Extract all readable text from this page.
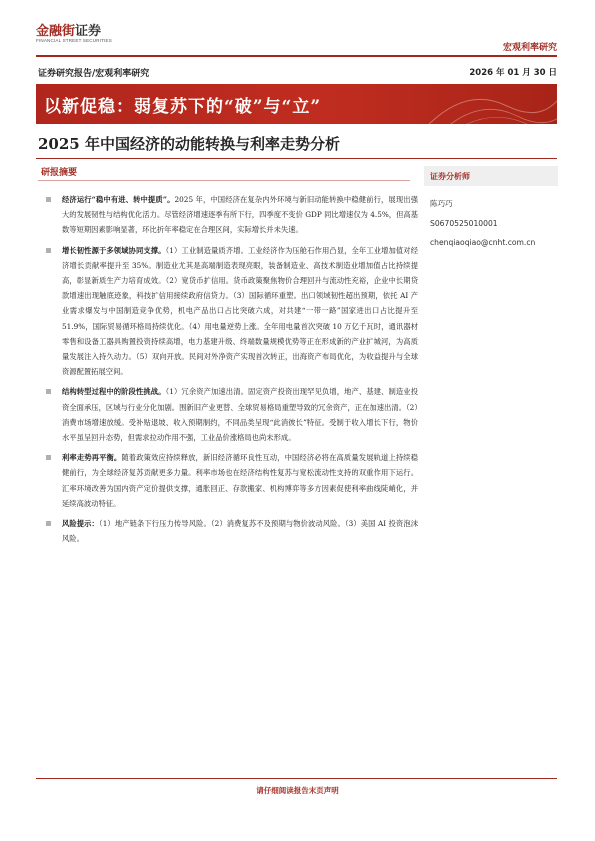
金融街证券
FINANCIAL STREET SECURITIES
宏观利率研究
证券研究报告/宏观利率研究	2026 年 01 月 30 日
以新促稳：弱复苏下的“破”与“立”
2025 年中国经济的动能转换与利率走势分析
研报摘要
经济运行“稳中有进、转中提质”。2025 年，中国经济在复杂内外环境与新旧动能转换中稳健前行，展现出强大的发展韧性与结构优化活力。尽管经济增速逐季有所下行，四季度不变价 GDP 同比增速仅为 4.5%，但高基数等短期因素影响显著，环比折年率稳定在合理区间，实际增长并未失速。
增长韧性源于多领域协同支撑。（1）工业制造量质齐增。工业经济作为压舱石作用凸显，全年工业增加值对经济增长贡献率提升至 35%。制造业尤其是高端制造表现亮眼，装备制造业、高技术制造业增加值占比持续提高，彰显新质生产力培育成效。（2）宽货币扩信用。货币政策聚焦物价合理回升与流动性充裕，企业中长期贷款增速出现触底迹象，科技扩信用接续政府信贷力。（3）国际循环重塑。出口领域韧性超出预期，依托 AI 产业需求爆发与中国制造竞争优势，机电产品出口占比突破六成，对共建“一带一路”国家进出口占比提升至 51.9%，国际贸易循环格局持续优化。（4）用电量逆势上涨。全年用电量首次突破 10 万亿千瓦时，通讯器材零售和设备工器具购置投资持续高增，电力基建升级、终端数量规模优势等正在形成新的产业扩城河，为高质量发展注入持久动力。（5）双向开放。民间对外净资产实现首次转正，出海资产布局优化，为收益提升与全球资源配置拓展空间。
结构转型过程中的阶段性挑战。（1）冗余资产加速出清。固定资产投资出现罕见负增，地产、基建、制造业投资全面承压，区域与行业分化加剧。围新旧产业更替、全球贸易格局重塑导致的冗余资产，正在加速出清。（2）消费市场增速放缓。受补贴退坡、收入预期制约，不同品类呈现“此消彼长”特征。受制于收入增长下行，物价水平虽呈回升态势，但需求拉动作用不强，工业品价涨格局也尚未形成。
利率走势再平衡。随着政策效应持续释放，新旧经济循环良性互动，中国经济必将在高质量发展轨道上持续稳健前行，为全球经济复苏贡献更多力量。利率市场也在经济结构性复苏与宽松流动性支持的双重作用下运行。汇率环境改善为国内资产定价提供支撑，通胀回正、存款搬家、机构博弈等多方因素促使利率曲线陡峭化，并延续高波动特征。
风险提示：（1）地产链条下行压力传导风险。（2）消费复苏不及预期与物价波动风险。（3）美国 AI 投资泡沫风险。
证券分析师
陈巧巧
S0670525010001
chenqiaoqiao@cnht.com.cn
请仔细阅读报告末页声明
